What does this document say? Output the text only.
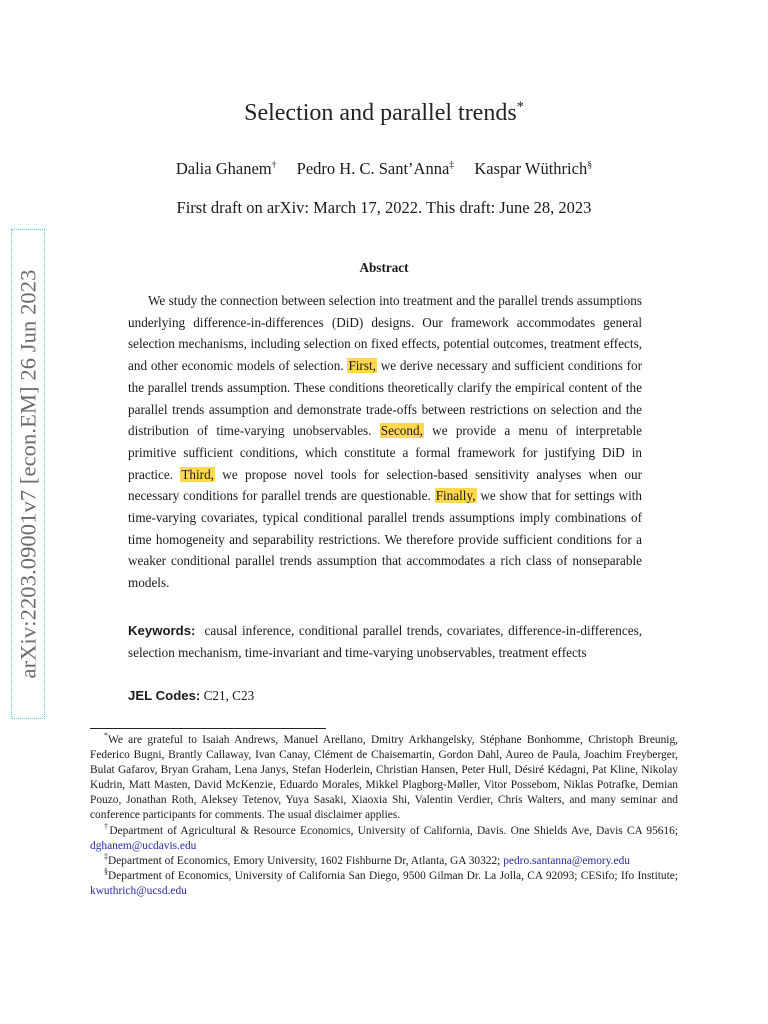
arXiv:2203.09001v7 [econ.EM] 26 Jun 2023
Selection and parallel trends*
Dalia Ghanem† Pedro H. C. Sant’Anna‡ Kaspar Wüthrich§
First draft on arXiv: March 17, 2022. This draft: June 28, 2023
Abstract
We study the connection between selection into treatment and the parallel trends assumptions underlying difference-in-differences (DiD) designs. Our framework accommodates general selection mechanisms, including selection on fixed effects, potential outcomes, treatment effects, and other economic models of selection. First, we derive necessary and sufficient conditions for the parallel trends assumption. These conditions theoretically clarify the empirical content of the parallel trends assumption and demonstrate trade-offs between restrictions on selection and the distribution of time-varying unobservables. Second, we provide a menu of interpretable primitive sufficient conditions, which constitute a formal framework for justifying DiD in practice. Third, we propose novel tools for selection-based sensitivity analyses when our necessary conditions for parallel trends are questionable. Finally, we show that for settings with time-varying covariates, typical conditional parallel trends assumptions imply combinations of time homogeneity and separability restrictions. We therefore provide sufficient conditions for a weaker conditional parallel trends assumption that accommodates a rich class of nonseparable models.
Keywords: causal inference, conditional parallel trends, covariates, difference-in-differences, selection mechanism, time-invariant and time-varying unobservables, treatment effects
JEL Codes: C21, C23

*We are grateful to Isaiah Andrews, Manuel Arellano, Dmitry Arkhangelsky, Stéphane Bonhomme, Christoph Breunig, Federico Bugni, Brantly Callaway, Ivan Canay, Clément de Chaisemartin, Gordon Dahl, Aureo de Paula, Joachim Freyberger, Bulat Gafarov, Bryan Graham, Lena Janys, Stefan Hoderlein, Christian Hansen, Peter Hull, Désiré Kédagni, Pat Kline, Nikolay Kudrin, Matt Masten, David McKenzie, Eduardo Morales, Mikkel Plagborg-Møller, Vitor Possebom, Niklas Potrafke, Demian Pouzo, Jonathan Roth, Aleksey Tetenov, Yuya Sasaki, Xiaoxia Shi, Valentin Verdier, Chris Walters, and many seminar and conference participants for comments. The usual disclaimer applies.

†Department of Agricultural & Resource Economics, University of California, Davis. One Shields Ave, Davis CA 95616; dghanem@ucdavis.edu

‡Department of Economics, Emory University, 1602 Fishburne Dr, Atlanta, GA 30322; pedro.santanna@emory.edu

§Department of Economics, University of California San Diego, 9500 Gilman Dr. La Jolla, CA 92093; CESifo; Ifo Institute; kwuthrich@ucsd.edu
